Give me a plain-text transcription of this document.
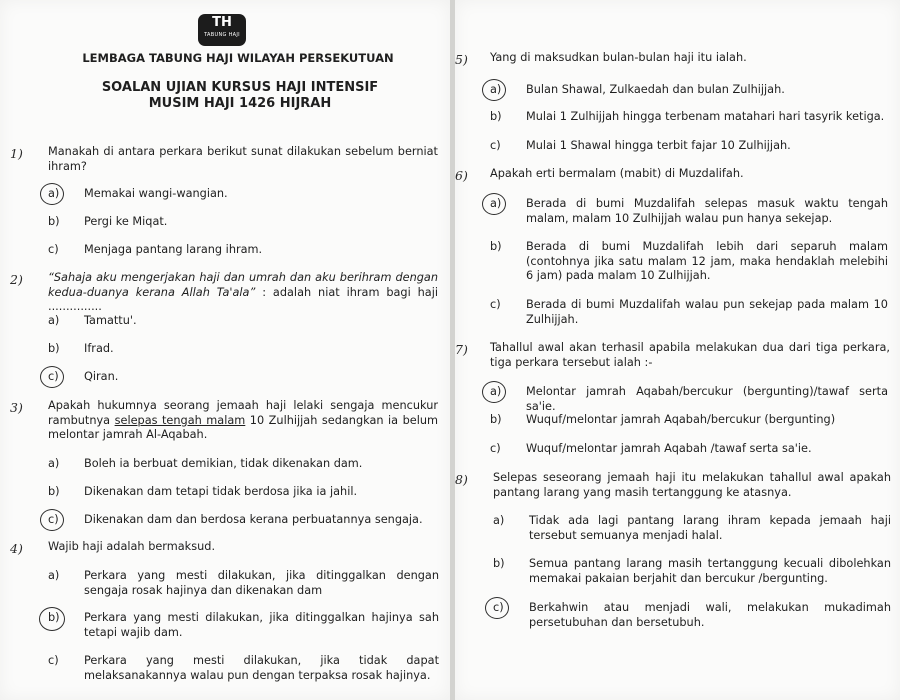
TH
TABUNG HAJI
LEMBAGA TABUNG HAJI WILAYAH PERSEKUTUAN
SOALAN UJIAN KURSUS HAJI INTENSIF
MUSIM HAJI 1426 HIJRAH
1) Manakah di antara perkara berikut sunat dilakukan sebelum berniat ihram?
a) Memakai wangi-wangian.
b) Pergi ke Miqat.
c) Menjaga pantang larang ihram.
2) “Sahaja aku mengerjakan haji dan umrah dan aku berihram dengan kedua-duanya kerana Allah Ta'ala” : adalah niat ihram bagi haji ...............
a) Tamattu'.
b) Ifrad.
c) Qiran.
3) Apakah hukumnya seorang jemaah haji lelaki sengaja mencukur rambutnya selepas tengah malam 10 Zulhijjah sedangkan ia belum melontar jamrah Al-Aqabah.
a) Boleh ia berbuat demikian, tidak dikenakan dam.
b) Dikenakan dam tetapi tidak berdosa jika ia jahil.
c) Dikenakan dam dan berdosa kerana perbuatannya sengaja.
4) Wajib haji adalah bermaksud.
a) Perkara yang mesti dilakukan, jika ditinggalkan dengan sengaja rosak hajinya dan dikenakan dam
b) Perkara yang mesti dilakukan, jika ditinggalkan hajinya sah tetapi wajib dam.
c) Perkara yang mesti dilakukan, jika tidak dapat melaksanakannya walau pun dengan terpaksa rosak hajinya.
5) Yang di maksudkan bulan-bulan haji itu ialah.
a) Bulan Shawal, Zulkaedah dan bulan Zulhijjah.
b) Mulai 1 Zulhijjah hingga terbenam matahari hari tasyrik ketiga.
c) Mulai 1 Shawal hingga terbit fajar 10 Zulhijjah.
6) Apakah erti bermalam (mabit) di Muzdalifah.
a) Berada di bumi Muzdalifah selepas masuk waktu tengah malam, malam 10 Zulhijjah walau pun hanya sekejap.
b) Berada di bumi Muzdalifah lebih dari separuh malam (contohnya jika satu malam 12 jam, maka hendaklah melebihi 6 jam) pada malam 10 Zulhijjah.
c) Berada di bumi Muzdalifah walau pun sekejap pada malam 10 Zulhijjah.
7) Tahallul awal akan terhasil apabila melakukan dua dari tiga perkara, tiga perkara tersebut ialah :-
a) Melontar jamrah Aqabah/bercukur (bergunting)/tawaf serta sa'ie.
b) Wuquf/melontar jamrah Aqabah/bercukur (bergunting)
c) Wuquf/melontar jamrah Aqabah /tawaf serta sa'ie.
8) Selepas seseorang jemaah haji itu melakukan tahallul awal apakah pantang larang yang masih tertanggung ke atasnya.
a) Tidak ada lagi pantang larang ihram kepada jemaah haji tersebut semuanya menjadi halal.
b) Semua pantang larang masih tertanggung kecuali dibolehkan memakai pakaian berjahit dan bercukur /bergunting.
c) Berkahwin atau menjadi wali, melakukan mukadimah persetubuhan dan bersetubuh.
